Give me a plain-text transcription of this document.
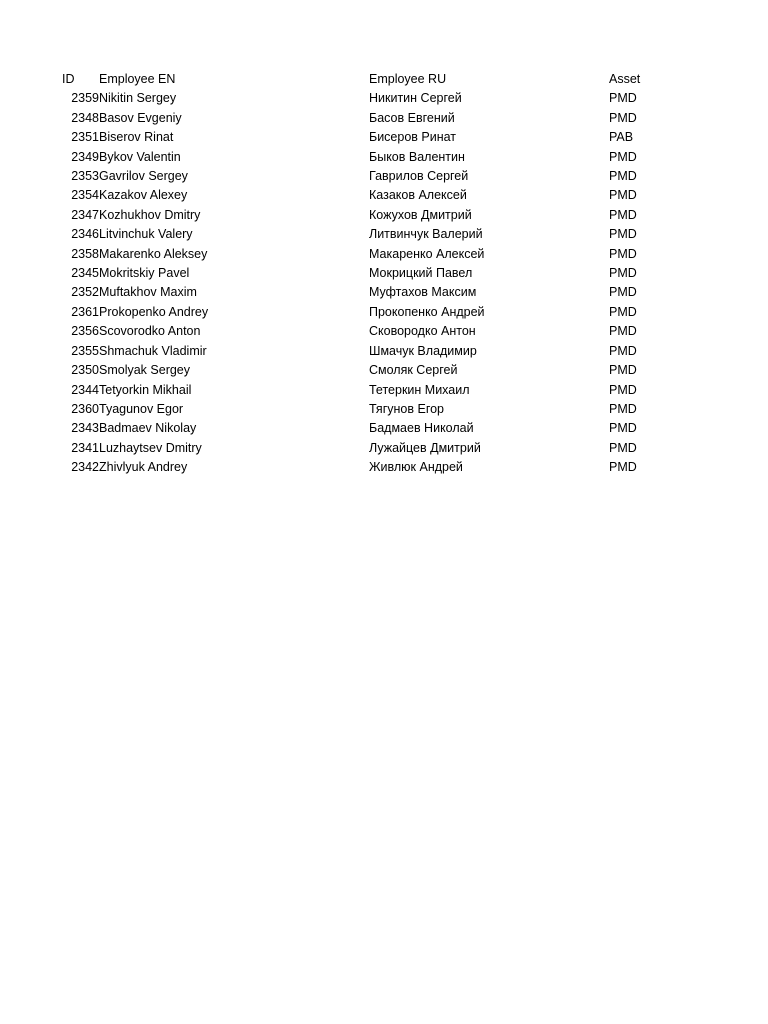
ID	Employee EN	Employee RU	Asset
2359	Nikitin Sergey	Никитин Сергей	PMD
2348	Basov Evgeniy	Басов Евгений	PMD
2351	Biserov Rinat	Бисеров Ринат	PAB
2349	Bykov Valentin	Быков Валентин	PMD
2353	Gavrilov Sergey	Гаврилов Сергей	PMD
2354	Kazakov Alexey	Казаков Алексей	PMD
2347	Kozhukhov Dmitry	Кожухов Дмитрий	PMD
2346	Litvinchuk Valery	Литвинчук Валерий	PMD
2358	Makarenko Aleksey	Макаренко Алексей	PMD
2345	Mokritskiy Pavel	Мокрицкий Павел	PMD
2352	Muftakhov Maxim	Муфтахов Максим	PMD
2361	Prokopenko Andrey	Прокопенко Андрей	PMD
2356	Scovorodko Anton	Сковородко Антон	PMD
2355	Shmachuk Vladimir	Шмачук Владимир	PMD
2350	Smolyak Sergey	Смоляк Сергей	PMD
2344	Tetyorkin Mikhail	Тетеркин Михаил	PMD
2360	Tyagunov Egor	Тягунов Егор	PMD
2343	Badmaev Nikolay	Бадмаев Николай	PMD
2341	Luzhaytsev Dmitry	Лужайцев Дмитрий	PMD
2342	Zhivlyuk Andrey	Живлюк Андрей	PMD
